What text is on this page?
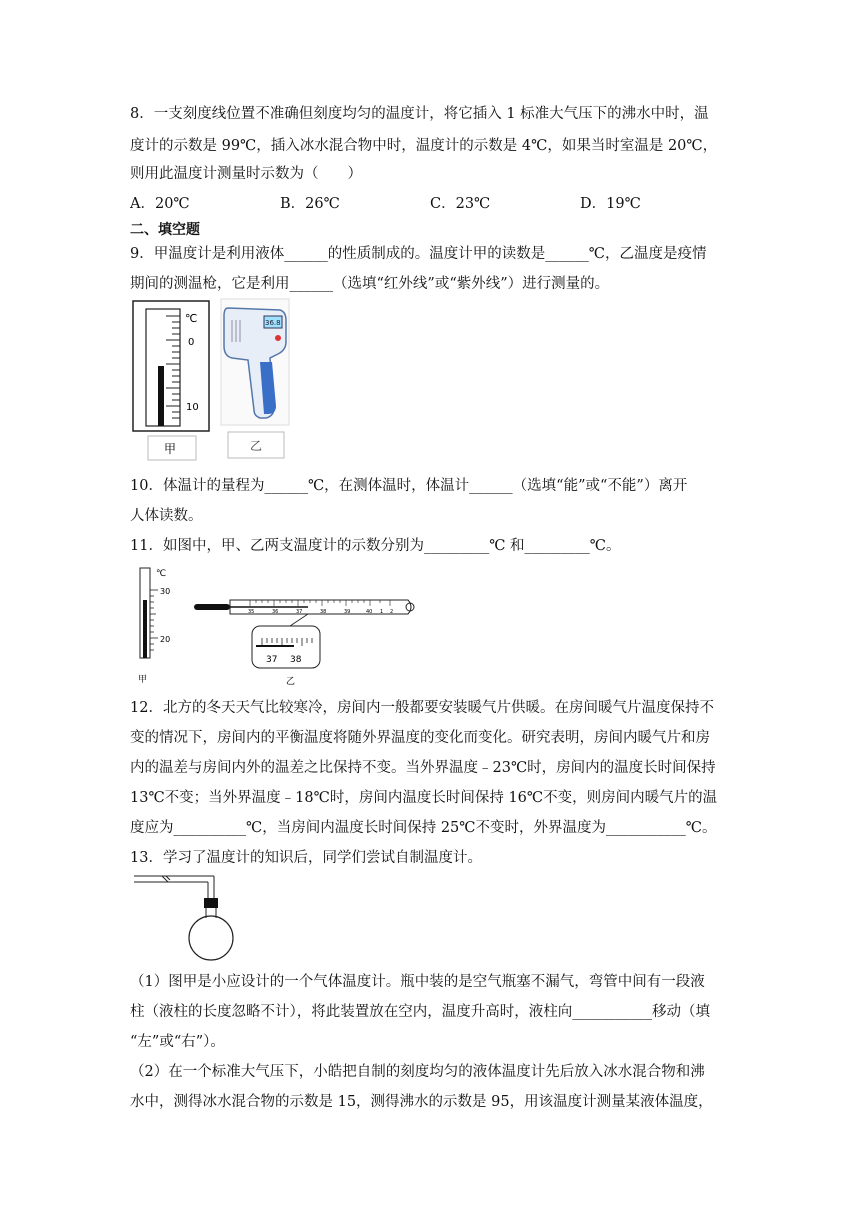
8．一支刻度线位置不准确但刻度均匀的温度计，将它插入 1 标准大气压下的沸水中时，温

度计的示数是 99℃，插入冰水混合物中时，温度计的示数是 4℃，如果当时室温是 20℃，

则用此温度计测量时示数为（　　）

A．20℃	B．26℃	C．23℃	D．19℃
二、填空题

9．甲温度计是利用液体______的性质制成的。温度计甲的读数是______℃，乙温度是疫情

期间的测温枪，它是利用______（选填“红外线”或“紫外线”）进行测量的。

℃
0
10
甲
36.8
乙

10．体温计的量程为______℃，在测体温时，体温计______（选填“能”或“不能”）离开

人体读数。

11．如图中，甲、乙两支温度计的示数分别为_________℃ 和_________℃。

℃
30
20
甲
35	36	37	38	39	40 1 2
37 38
乙

12．北方的冬天天气比较寒冷，房间内一般都要安装暖气片供暖。在房间暖气片温度保持不

变的情况下，房间内的平衡温度将随外界温度的变化而变化。研究表明，房间内暖气片和房

内的温差与房间内外的温差之比保持不变。当外界温度﹣23℃时，房间内的温度长时间保持

13℃不变；当外界温度﹣18℃时，房间内温度长时间保持 16℃不变，则房间内暖气片的温

度应为__________℃，当房间内温度长时间保持 25℃不变时，外界温度为___________℃。

13．学习了温度计的知识后，同学们尝试自制温度计。

（1）图甲是小应设计的一个气体温度计。瓶中装的是空气瓶塞不漏气，弯管中间有一段液

柱（液柱的长度忽略不计），将此装置放在空内，温度升高时，液柱向___________移动（填

“左”或“右”）。

（2）在一个标准大气压下，小皓把自制的刻度均匀的液体温度计先后放入冰水混合物和沸

水中，测得冰水混合物的示数是 15，测得沸水的示数是 95，用该温度计测量某液体温度，
